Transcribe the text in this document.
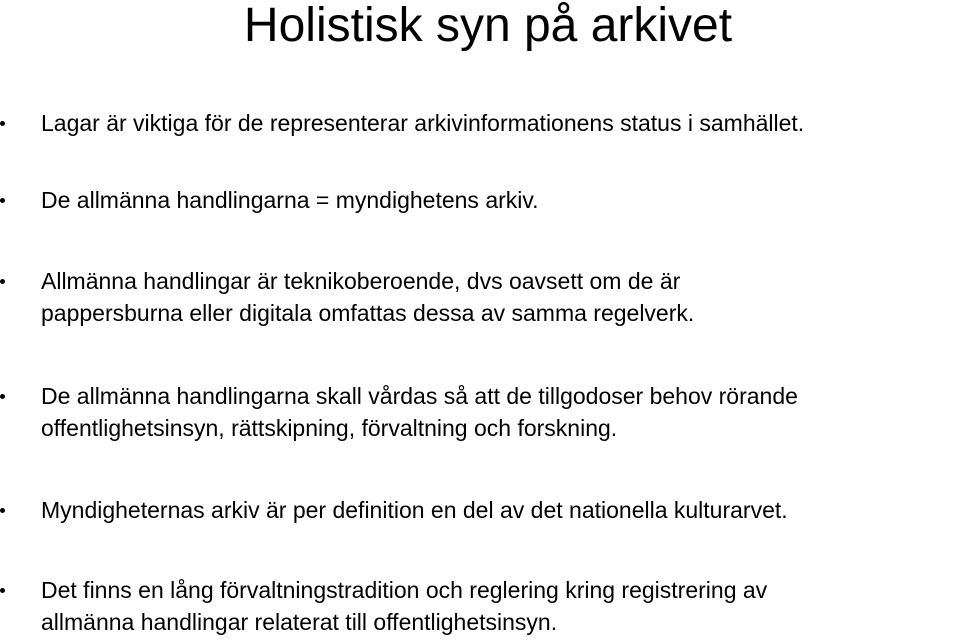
Holistisk syn på arkivet
Lagar är viktiga för de representerar arkivinformationens status i samhället.
De allmänna handlingarna = myndighetens arkiv.
Allmänna handlingar är teknikoberoende, dvs oavsett om de är
pappersburna eller digitala omfattas dessa av samma regelverk.
De allmänna handlingarna skall vårdas så att de tillgodoser behov rörande
offentlighetsinsyn, rättskipning, förvaltning och forskning.
Myndigheternas arkiv är per definition en del av det nationella kulturarvet.
Det finns en lång förvaltningstradition och reglering kring registrering av
allmänna handlingar relaterat till offentlighetsinsyn.
